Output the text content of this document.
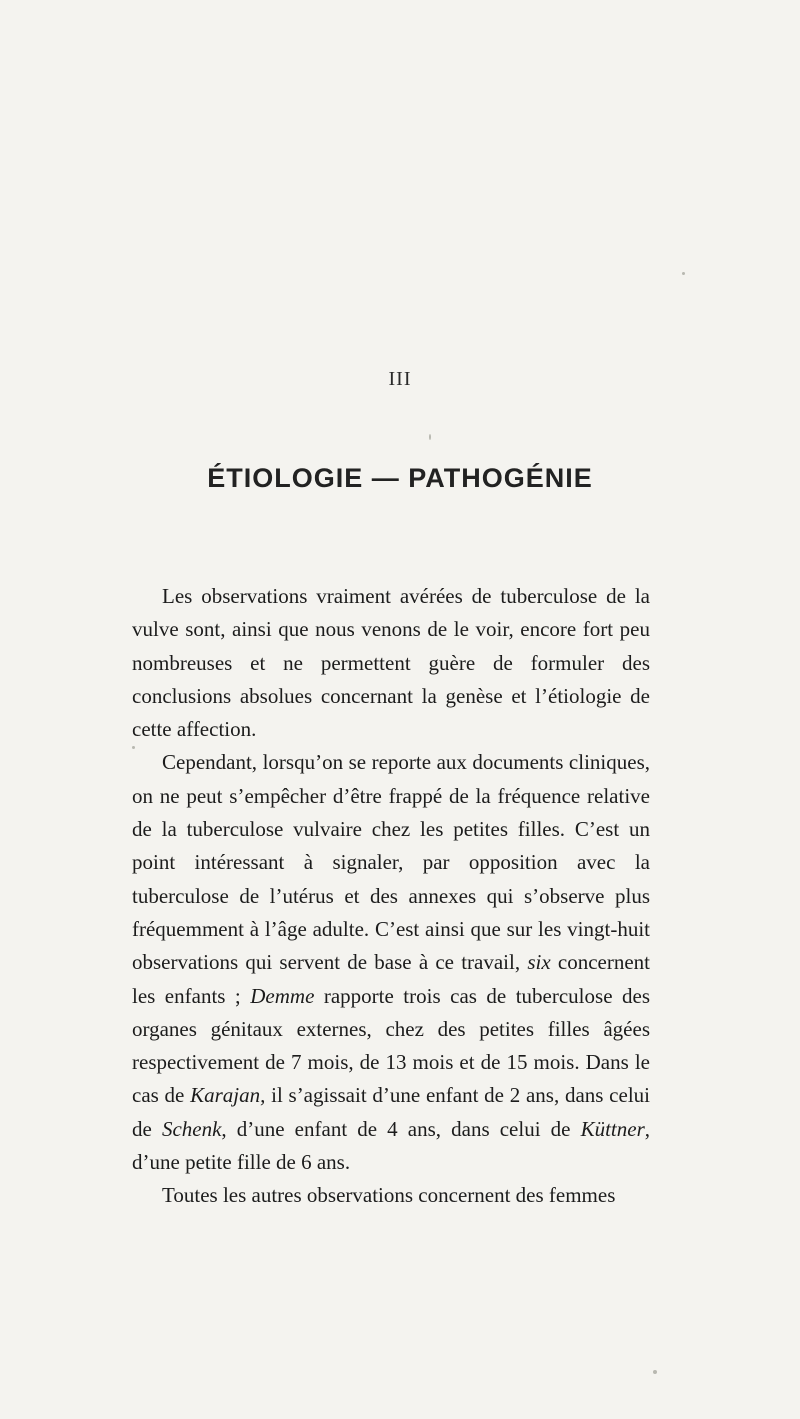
III
ÉTIOLOGIE — PATHOGÉNIE

Les observations vraiment avérées de tuberculose de la vulve sont, ainsi que nous venons de le voir, encore fort peu nombreuses et ne permettent guère de formuler des conclusions absolues concernant la genèse et l’étiologie de cette affection.

Cependant, lorsqu’on se reporte aux documents cliniques, on ne peut s’empêcher d’être frappé de la fréquence relative de la tuberculose vulvaire chez les petites filles. C’est un point intéressant à signaler, par opposition avec la tuberculose de l’utérus et des annexes qui s’observe plus fréquemment à l’âge adulte. C’est ainsi que sur les vingt-huit observations qui servent de base à ce travail, six concernent les enfants ; Demme rapporte trois cas de tuberculose des organes génitaux externes, chez des petites filles âgées respectivement de 7 mois, de 13 mois et de 15 mois. Dans le cas de Karajan, il s’agissait d’une enfant de 2 ans, dans celui de Schenk, d’une enfant de 4 ans, dans celui de Küttner, d’une petite fille de 6 ans.

Toutes les autres observations concernent des femmes
